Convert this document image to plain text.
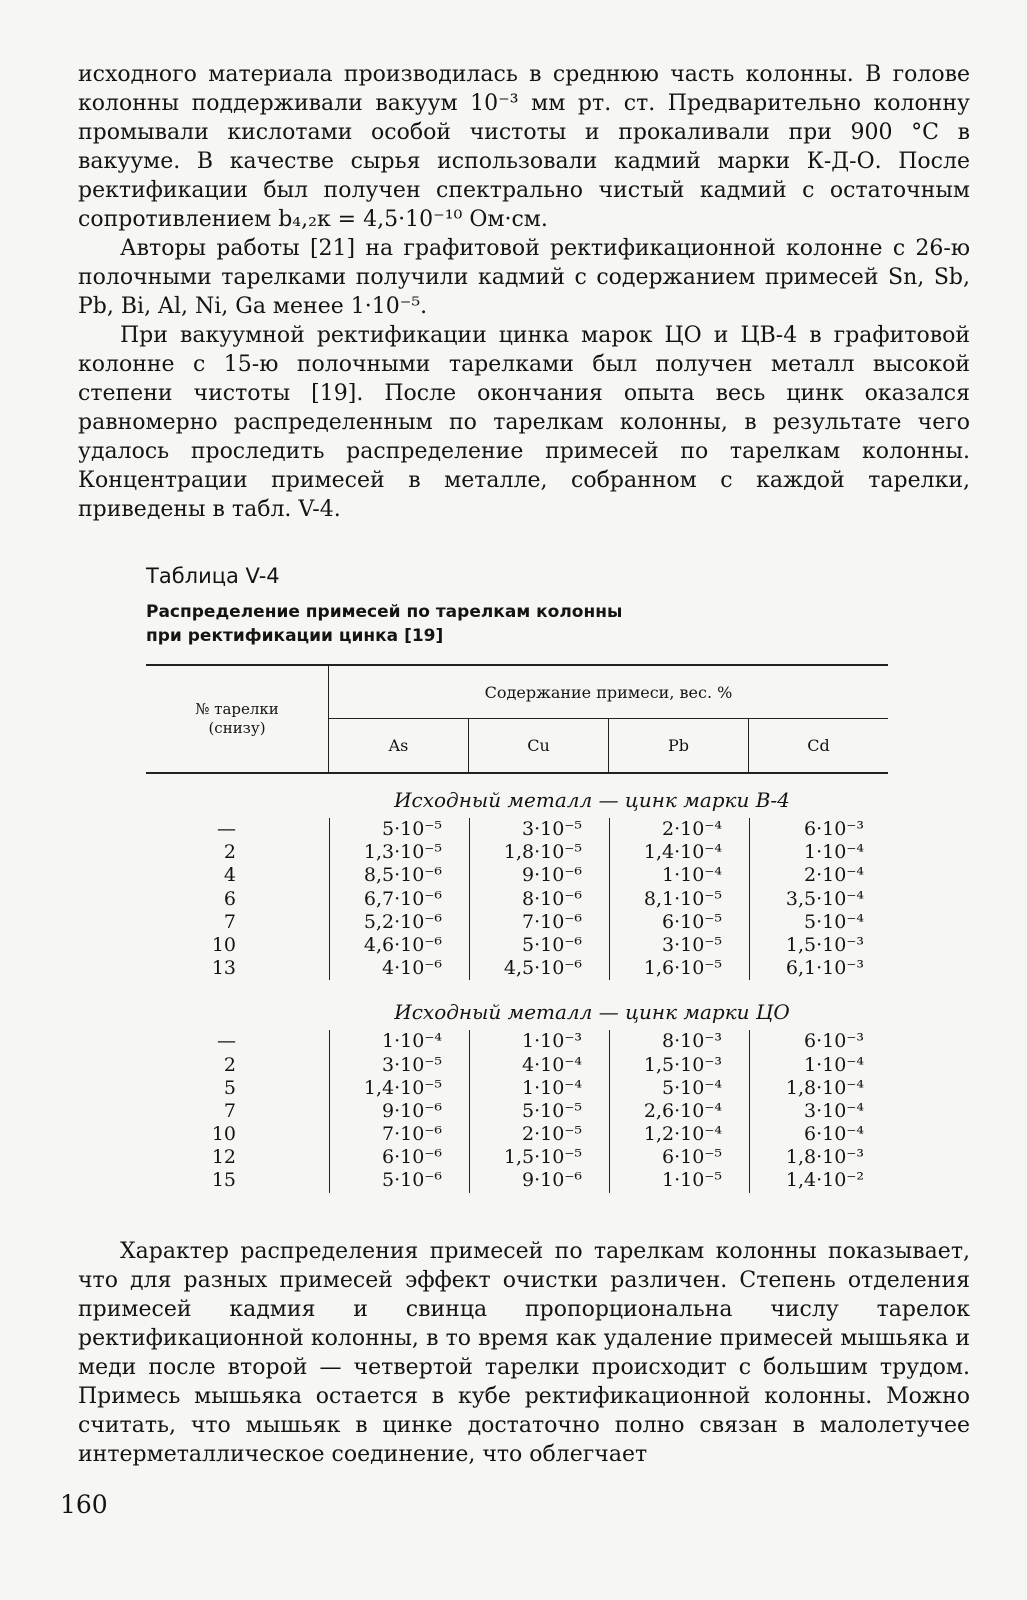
исходного материала производилась в среднюю часть колонны. В голове колонны поддерживали вакуум 10⁻³ мм рт. ст. Предварительно колонну промывали кислотами особой чистоты и прокаливали при 900 °C в вакууме. В качестве сырья использовали кадмий марки К-Д-О. После ректификации был получен спектрально чистый кадмий с остаточным сопротивлением b₄,₂к = 4,5·10⁻¹⁰ Ом·см.

Авторы работы [21] на графитовой ректификационной колонне с 26-ю полочными тарелками получили кадмий с содержанием примесей Sn, Sb, Pb, Bi, Al, Ni, Ga менее 1·10⁻⁵.

При вакуумной ректификации цинка марок ЦО и ЦВ-4 в графитовой колонне с 15-ю полочными тарелками был получен металл высокой степени чистоты [19]. После окончания опыта весь цинк оказался равномерно распределенным по тарелкам колонны, в результате чего удалось проследить распределение примесей по тарелкам колонны. Концентрации примесей в металле, собранном с каждой тарелки, приведены в табл. V-4.

Таблица V-4
Распределение примесей по тарелкам колонны
при ректификации цинка [19]
№ тарелки
(снизу)
Содержание примеси, вес. %
As	Cu	Pb	Cd
Исходный металл — цинк марки В-4
—	5·10⁻⁵	3·10⁻⁵	2·10⁻⁴	6·10⁻³
2	1,3·10⁻⁵	1,8·10⁻⁵	1,4·10⁻⁴	1·10⁻⁴
4	8,5·10⁻⁶	9·10⁻⁶	1·10⁻⁴	2·10⁻⁴
6	6,7·10⁻⁶	8·10⁻⁶	8,1·10⁻⁵	3,5·10⁻⁴
7	5,2·10⁻⁶	7·10⁻⁶	6·10⁻⁵	5·10⁻⁴
10	4,6·10⁻⁶	5·10⁻⁶	3·10⁻⁵	1,5·10⁻³
13	4·10⁻⁶	4,5·10⁻⁶	1,6·10⁻⁵	6,1·10⁻³
Исходный металл — цинк марки ЦО
—	1·10⁻⁴	1·10⁻³	8·10⁻³	6·10⁻³
2	3·10⁻⁵	4·10⁻⁴	1,5·10⁻³	1·10⁻⁴
5	1,4·10⁻⁵	1·10⁻⁴	5·10⁻⁴	1,8·10⁻⁴
7	9·10⁻⁶	5·10⁻⁵	2,6·10⁻⁴	3·10⁻⁴
10	7·10⁻⁶	2·10⁻⁵	1,2·10⁻⁴	6·10⁻⁴
12	6·10⁻⁶	1,5·10⁻⁵	6·10⁻⁵	1,8·10⁻³
15	5·10⁻⁶	9·10⁻⁶	1·10⁻⁵	1,4·10⁻²

Характер распределения примесей по тарелкам колонны показывает, что для разных примесей эффект очистки различен. Степень отделения примесей кадмия и свинца пропорциональна числу тарелок ректификационной колонны, в то время как удаление примесей мышьяка и меди после второй — четвертой тарелки происходит с большим трудом. Примесь мышьяка остается в кубе ректификационной колонны. Можно считать, что мышьяк в цинке достаточно полно связан в малолетучее интерметаллическое соединение, что облегчает

160
